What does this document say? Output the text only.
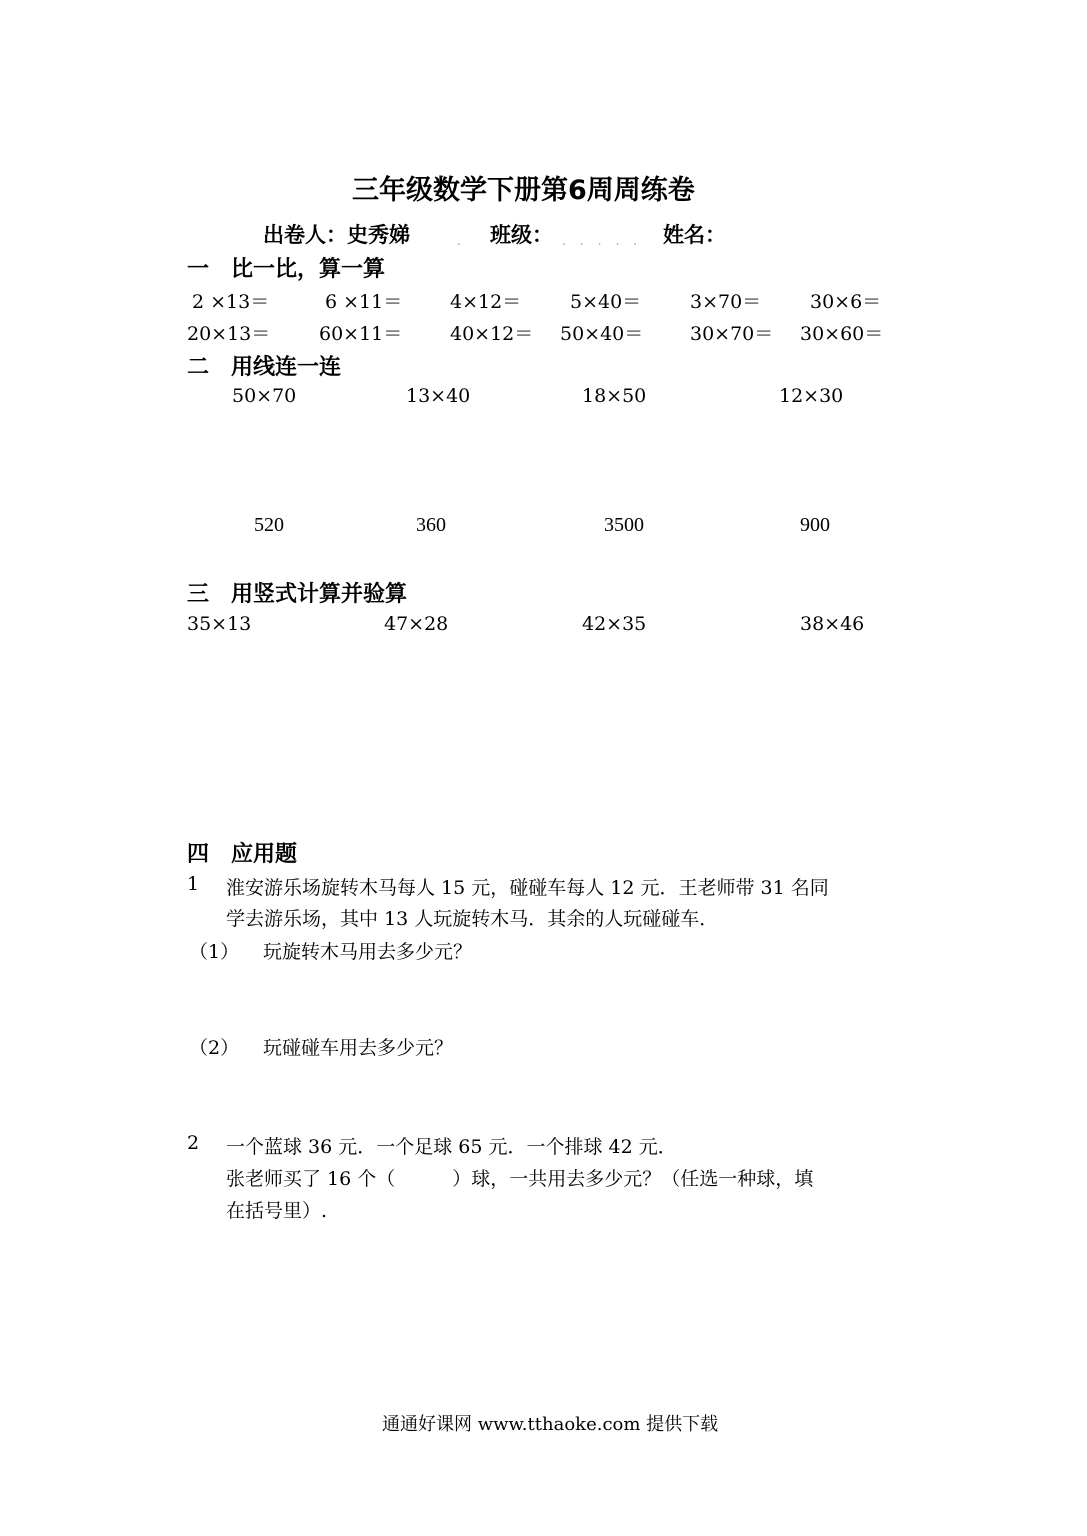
三年级数学下册第6周周练卷
出卷人：史秀娣	. 班级： ..... 姓名：
一　比一比，算一算
2 ×13＝	6 ×11＝	4×12＝	5×40＝	3×70＝	30×6＝
20×13＝	60×11＝	40×12＝ 50×40＝ 30×70＝ 30×60＝
二　用线连一连
50×70	13×40	18×50	12×30
520	360	3500	900
三　用竖式计算并验算
35×13	47×28	42×35	38×46
四　应用题
1 淮安游乐场旋转木马每人 15 元，碰碰车每人 12 元．王老师带 31 名同
学去游乐场，其中 13 人玩旋转木马．其余的人玩碰碰车．
（1） 玩旋转木马用去多少元？
（2） 玩碰碰车用去多少元？
2 一个蓝球 36 元．一个足球 65 元．一个排球 42 元．
张老师买了 16 个（　　　）球，一共用去多少元？（任选一种球，填
在括号里）.
通通好课网 www.tthaoke.com 提供下载
